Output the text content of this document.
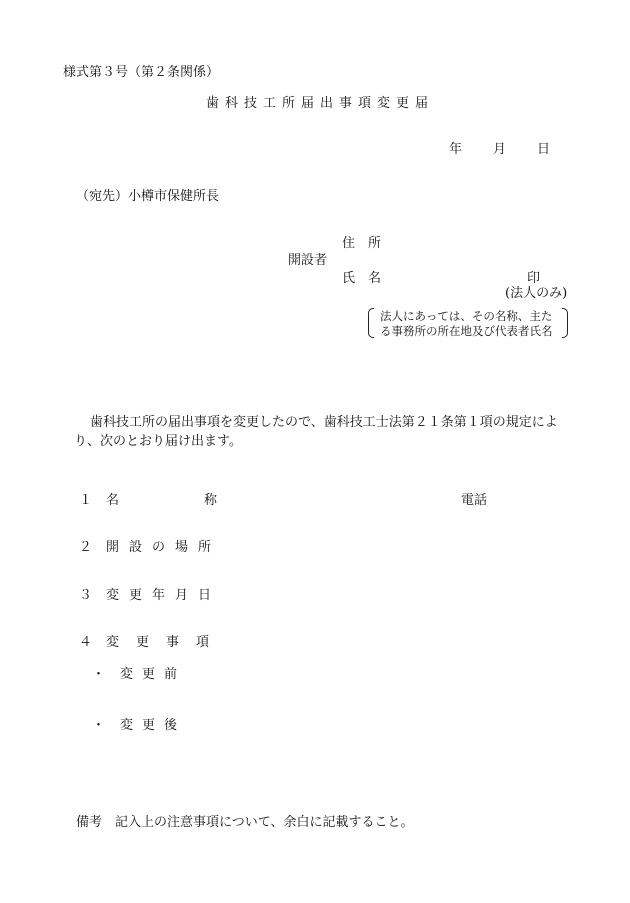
様式第３号（第２条関係）
歯科技工所届出事項変更届
年 月 日
（宛先）小樽市保健所長
住　所
開設者
氏　名	印
(法人のみ)
法人にあっては、その名称、主た
る事務所の所在地及び代表者氏名
歯科技工所の届出事項を変更したので、歯科技工士法第２１条第１項の規定により、次のとおり届け出ます。
１ 名	称	電話
２ 開設の場所
３ 変更年月日
４ 変更事項
・ 変更前
・ 変更後
備考　記入上の注意事項について、余白に記載すること。
